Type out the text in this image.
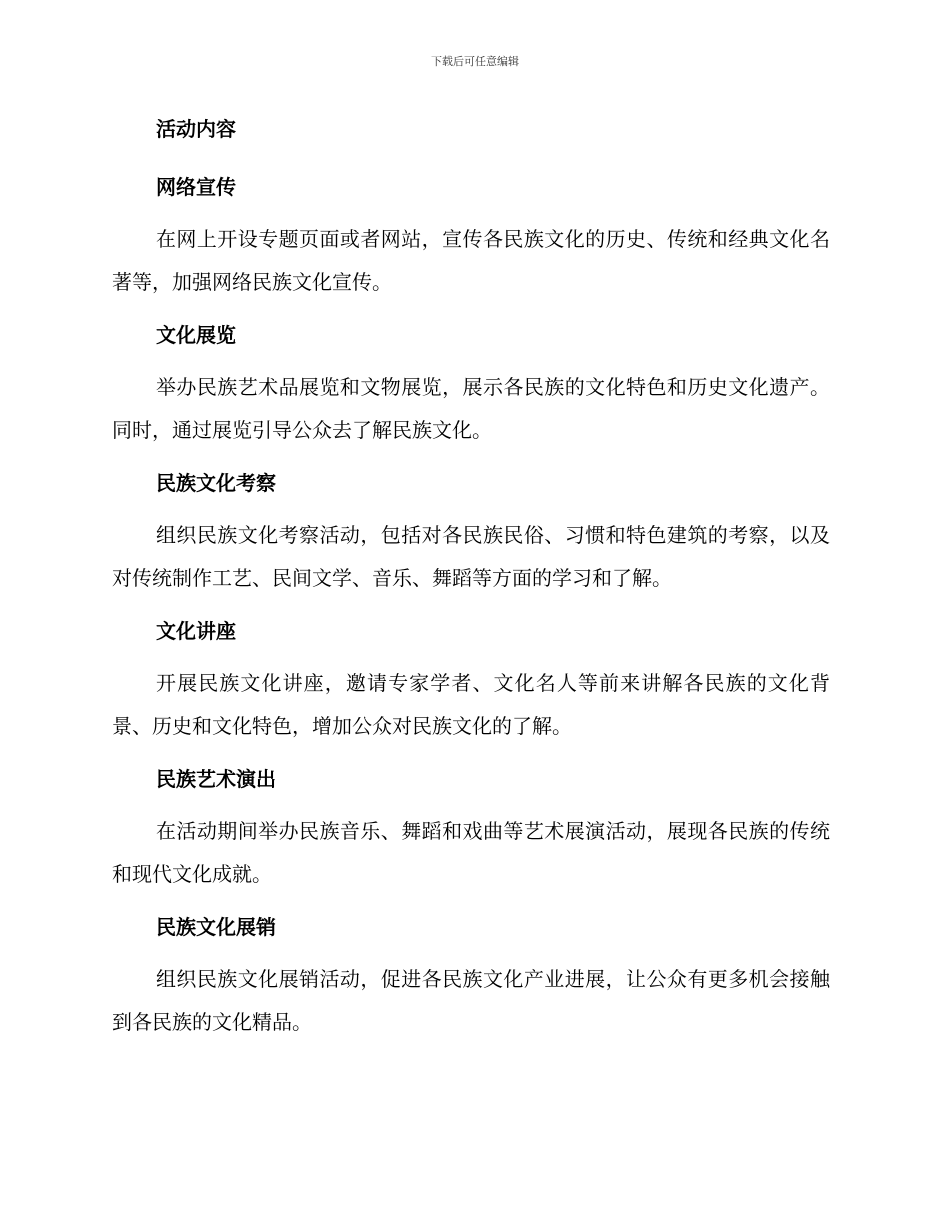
下载后可任意编辑
活动内容
网络宣传

在网上开设专题页面或者网站，宣传各民族文化的历史、传统和经典文化名著等，加强网络民族文化宣传。

文化展览

举办民族艺术品展览和文物展览，展示各民族的文化特色和历史文化遗产。同时，通过展览引导公众去了解民族文化。

民族文化考察

组织民族文化考察活动，包括对各民族民俗、习惯和特色建筑的考察，以及对传统制作工艺、民间文学、音乐、舞蹈等方面的学习和了解。

文化讲座

开展民族文化讲座，邀请专家学者、文化名人等前来讲解各民族的文化背景、历史和文化特色，增加公众对民族文化的了解。

民族艺术演出

在活动期间举办民族音乐、舞蹈和戏曲等艺术展演活动，展现各民族的传统和现代文化成就。

民族文化展销

组织民族文化展销活动，促进各民族文化产业进展，让公众有更多机会接触到各民族的文化精品。
